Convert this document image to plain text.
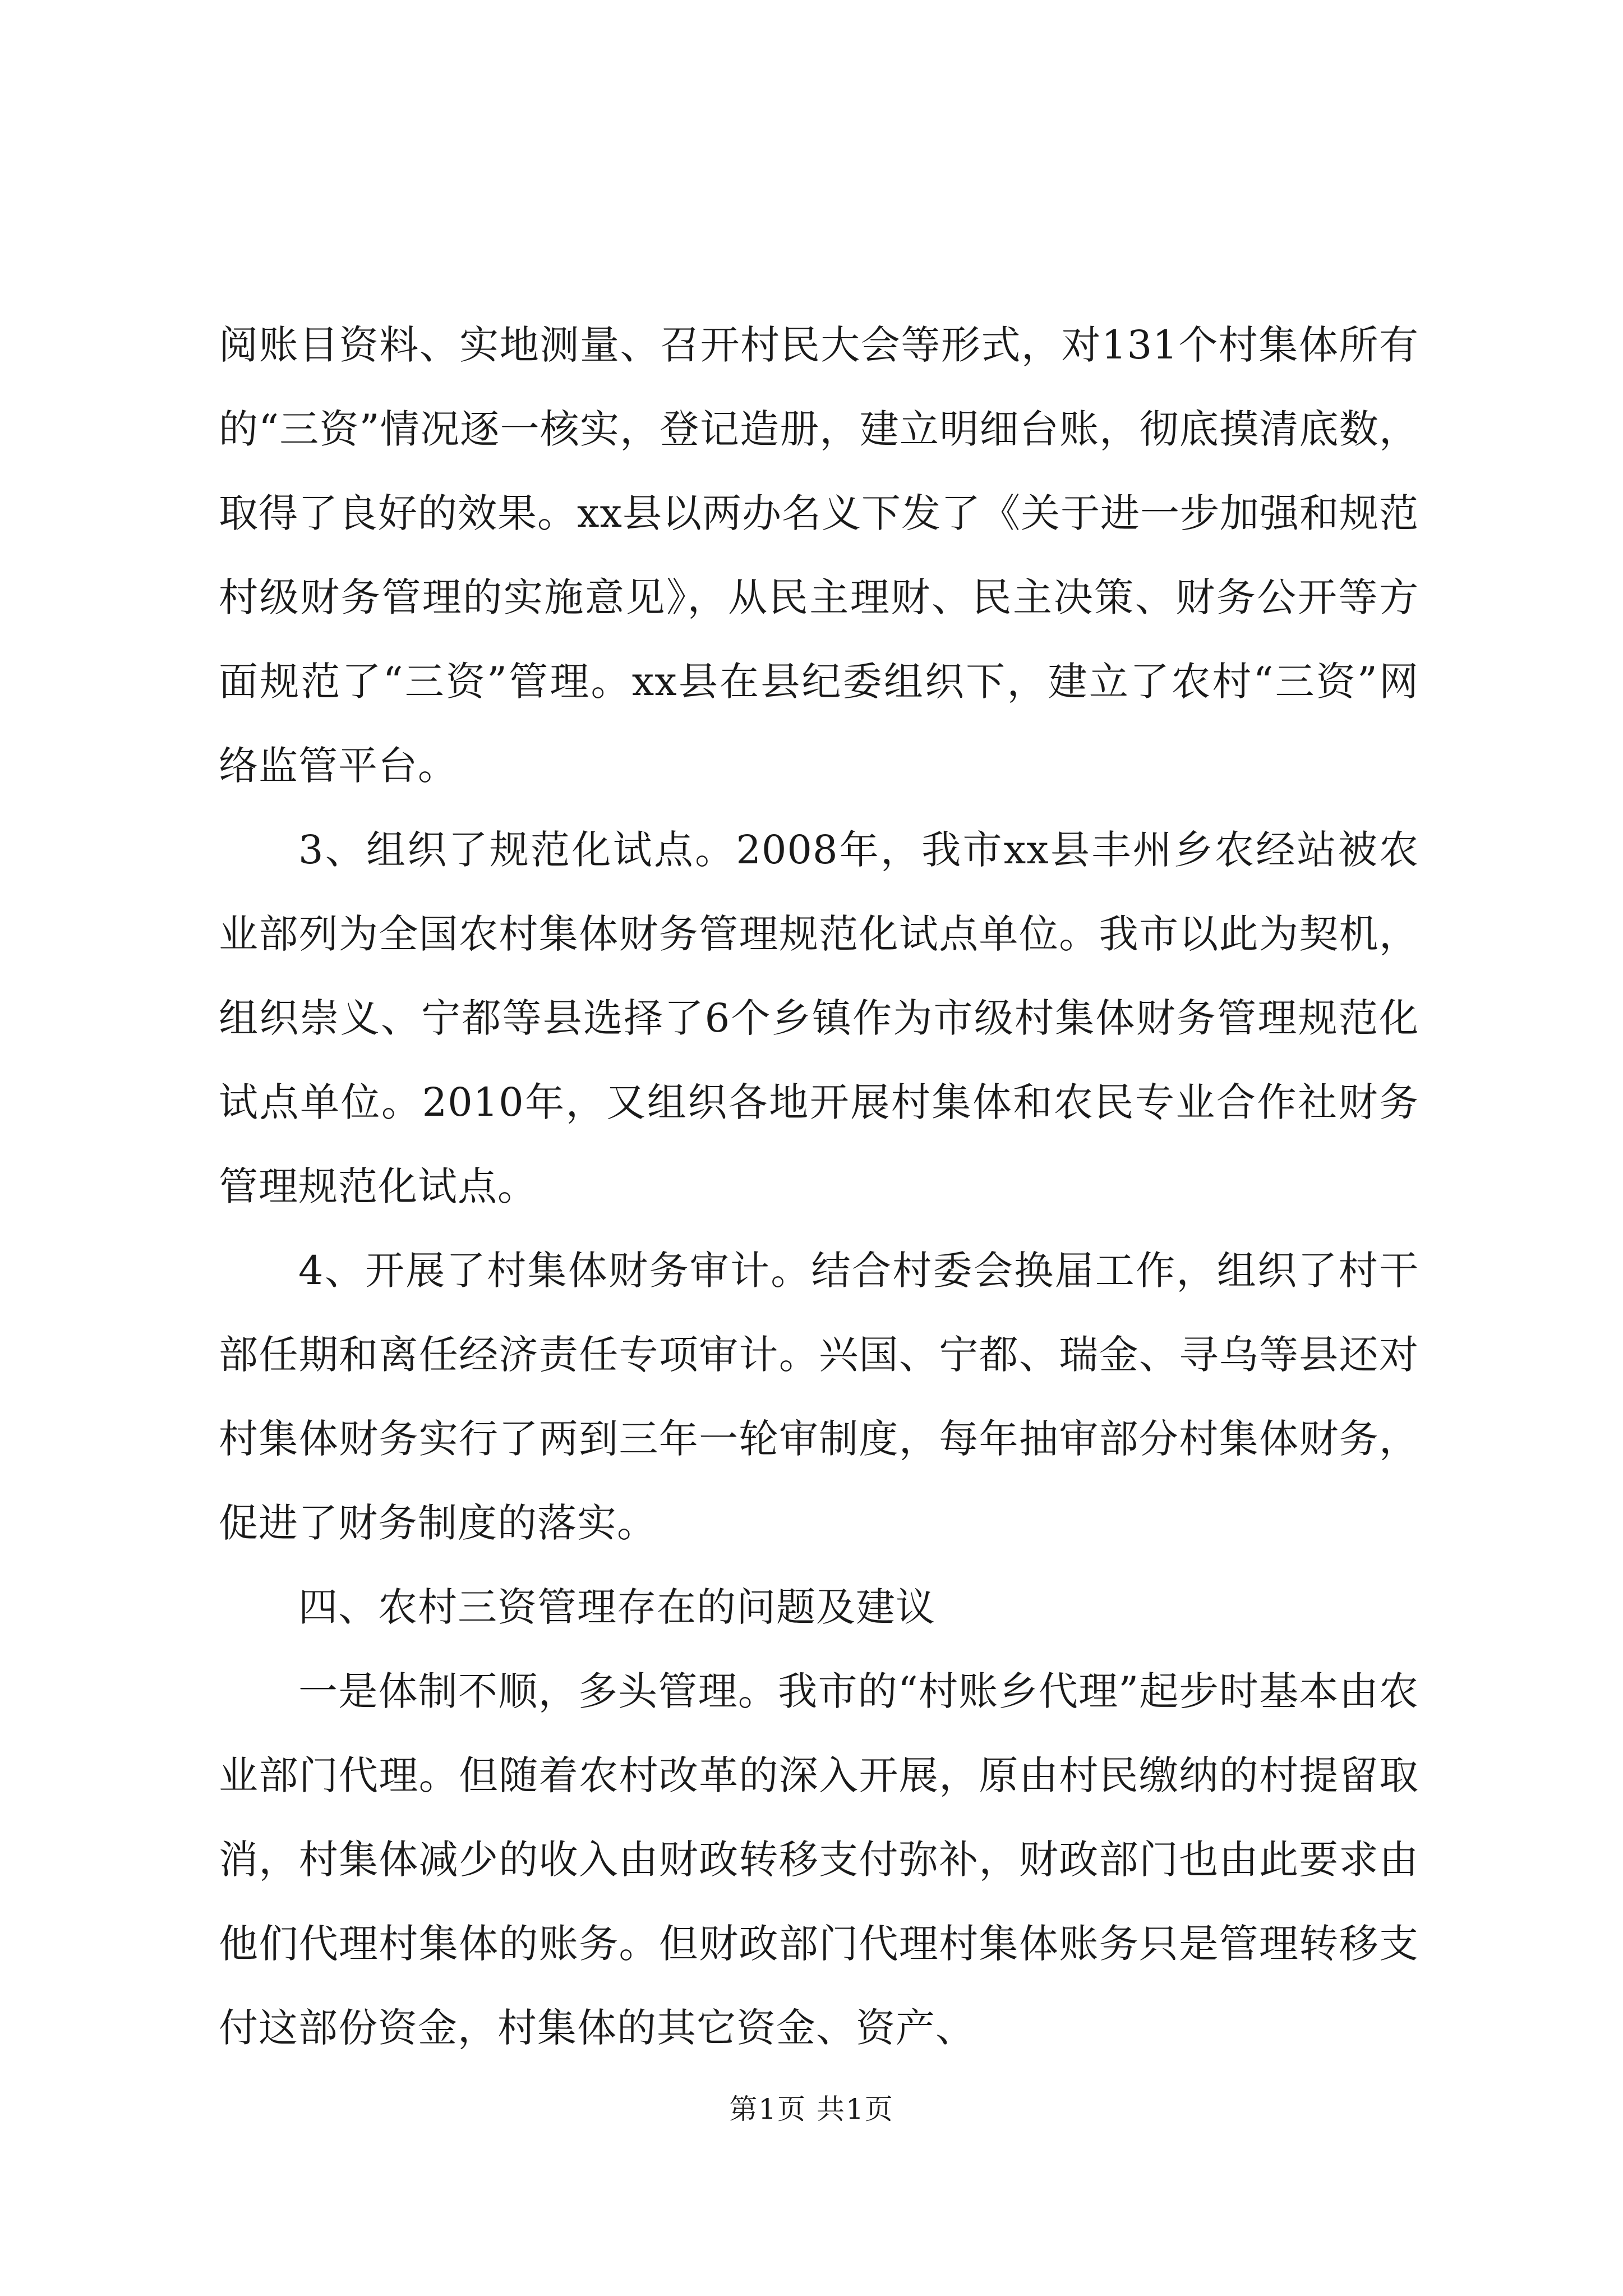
阅账目资料、实地测量、召开村民大会等形式，对131个村集体所有的“三资”情况逐一核实，登记造册，建立明细台账，彻底摸清底数，取得了良好的效果。xx县以两办名义下发了《关于进一步加强和规范村级财务管理的实施意见》，从民主理财、民主决策、财务公开等方面规范了“三资”管理。xx县在县纪委组织下，建立了农村“三资”网络监管平台。

3、组织了规范化试点。2008年，我市xx县丰州乡农经站被农业部列为全国农村集体财务管理规范化试点单位。我市以此为契机，组织崇义、宁都等县选择了6个乡镇作为市级村集体财务管理规范化试点单位。2010年，又组织各地开展村集体和农民专业合作社财务管理规范化试点。

4、开展了村集体财务审计。结合村委会换届工作，组织了村干部任期和离任经济责任专项审计。兴国、宁都、瑞金、寻乌等县还对村集体财务实行了两到三年一轮审制度，每年抽审部分村集体财务，促进了财务制度的落实。

四、农村三资管理存在的问题及建议

一是体制不顺，多头管理。我市的“村账乡代理”起步时基本由农业部门代理。但随着农村改革的深入开展，原由村民缴纳的村提留取消，村集体减少的收入由财政转移支付弥补，财政部门也由此要求由他们代理村集体的账务。但财政部门代理村集体账务只是管理转移支付这部份资金，村集体的其它资金、资产、

第1页 共1页
